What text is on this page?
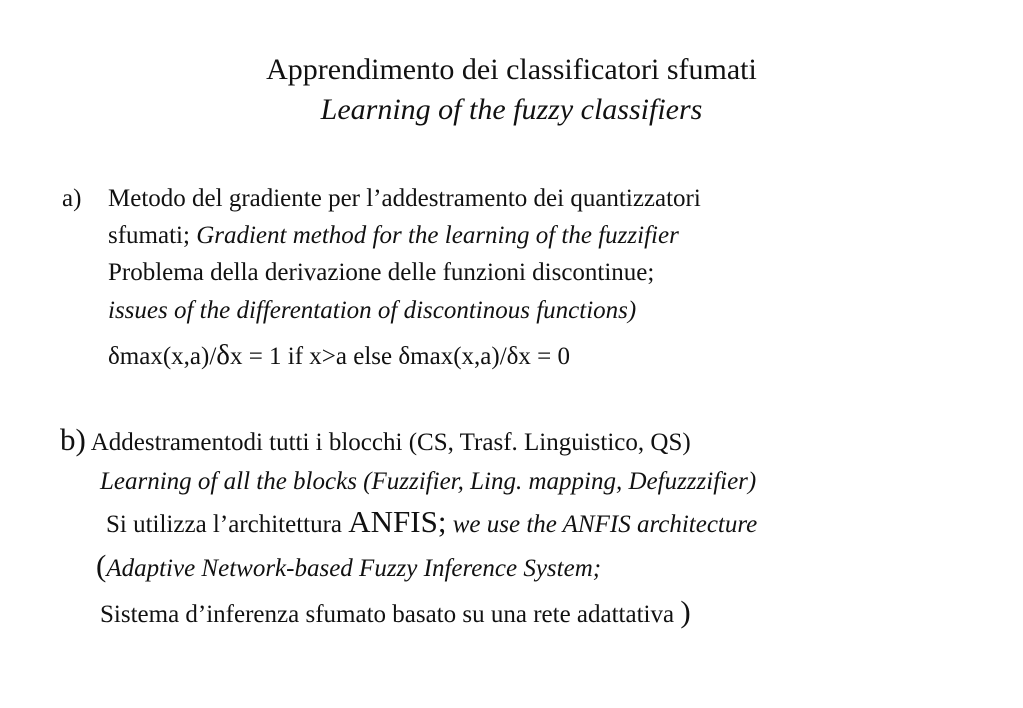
Apprendimento dei classificatori sfumati
Learning of the fuzzy classifiers
a) Metodo del gradiente per l’addestramento dei quantizzatori
sfumati; Gradient method for the learning of the fuzzifier
Problema della derivazione delle funzioni discontinue;
issues of the differentation of discontinous functions)
δmax(x,a)/δx = 1 if x>a else δmax(x,a)/δx = 0
b) Addestramentodi tutti i blocchi (CS, Trasf. Linguistico, QS)
Learning of all the blocks (Fuzzifier, Ling. mapping, Defuzzzifier)
Si utilizza l’architettura ANFIS; we use the ANFIS architecture
(Adaptive Network-based Fuzzy Inference System;
Sistema d’inferenza sfumato basato su una rete adattativa )
